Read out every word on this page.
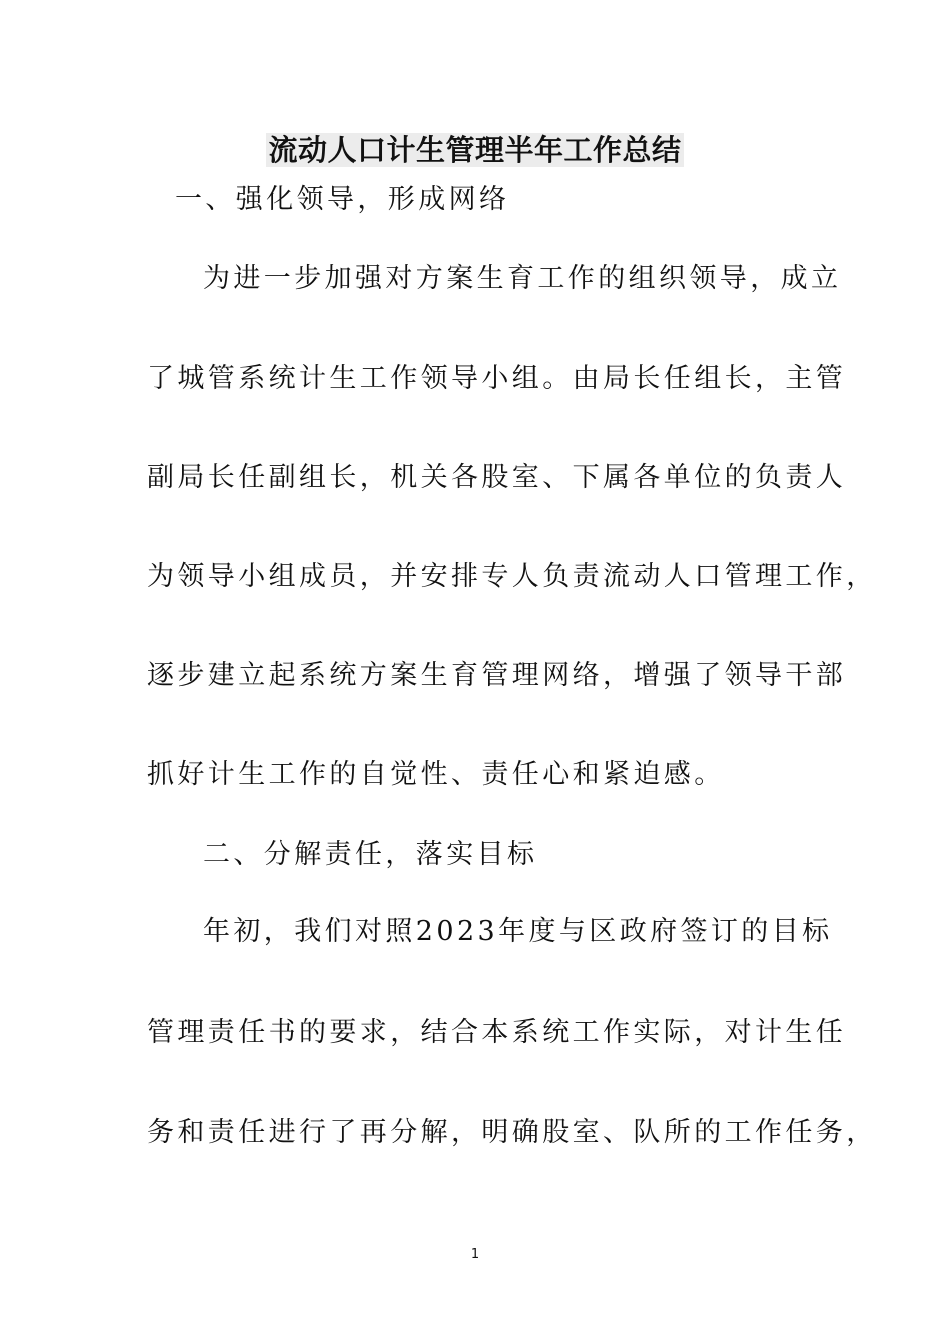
流动人口计生管理半年工作总结
一、强化领导，形成网络
为进一步加强对方案生育工作的组织领导，成立
了城管系统计生工作领导小组。由局长任组长，主管
副局长任副组长，机关各股室、下属各单位的负责人
为领导小组成员，并安排专人负责流动人口管理工作，
逐步建立起系统方案生育管理网络，增强了领导干部
抓好计生工作的自觉性、责任心和紧迫感。
二、分解责任，落实目标
年初，我们对照2023年度与区政府签订的目标
管理责任书的要求，结合本系统工作实际，对计生任
务和责任进行了再分解，明确股室、队所的工作任务，
1
